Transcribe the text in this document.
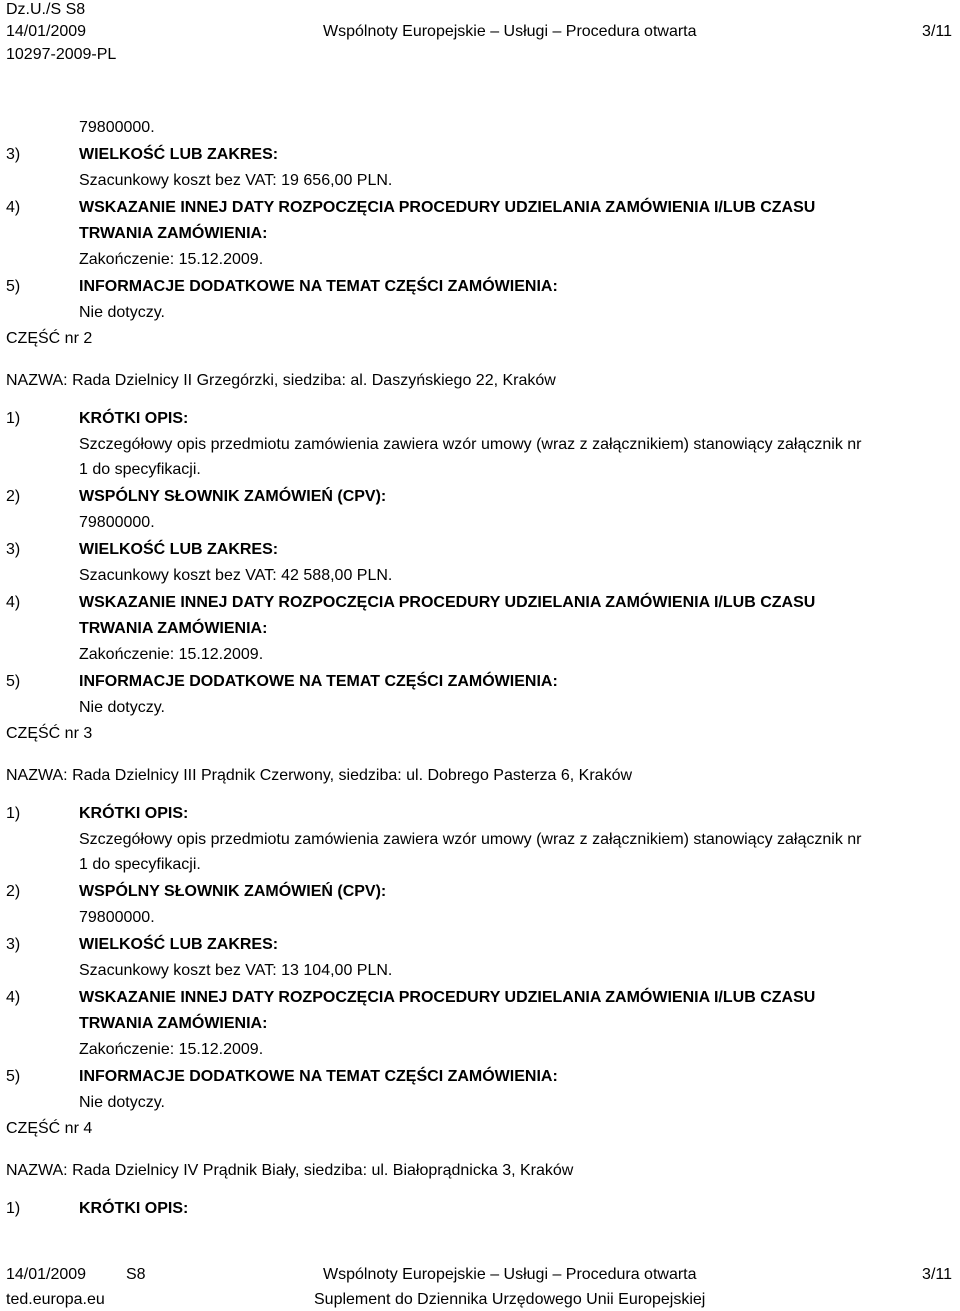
Dz.U./S S8
14/01/2009
10297-2009-PL
Wspólnoty Europejskie – Usługi – Procedura otwarta	3/11
79800000.
3)	WIELKOŚĆ LUB ZAKRES:
Szacunkowy koszt bez VAT: 19 656,00 PLN.
4)	WSKAZANIE INNEJ DATY ROZPOCZĘCIA PROCEDURY UDZIELANIA ZAMÓWIENIA I/LUB CZASU
TRWANIA ZAMÓWIENIA:
Zakończenie: 15.12.2009.
5)	INFORMACJE DODATKOWE NA TEMAT CZĘŚCI ZAMÓWIENIA:
Nie dotyczy.
CZĘŚĆ nr 2
NAZWA: Rada Dzielnicy II Grzegórzki, siedziba: al. Daszyńskiego 22, Kraków
1)	KRÓTKI OPIS:
Szczegółowy opis przedmiotu zamówienia zawiera wzór umowy (wraz z załącznikiem) stanowiący załącznik nr
1 do specyfikacji.
2)	WSPÓLNY SŁOWNIK ZAMÓWIEŃ (CPV):
79800000.
3)	WIELKOŚĆ LUB ZAKRES:
Szacunkowy koszt bez VAT: 42 588,00 PLN.
4)	WSKAZANIE INNEJ DATY ROZPOCZĘCIA PROCEDURY UDZIELANIA ZAMÓWIENIA I/LUB CZASU
TRWANIA ZAMÓWIENIA:
Zakończenie: 15.12.2009.
5)	INFORMACJE DODATKOWE NA TEMAT CZĘŚCI ZAMÓWIENIA:
Nie dotyczy.
CZĘŚĆ nr 3
NAZWA: Rada Dzielnicy III Prądnik Czerwony, siedziba: ul. Dobrego Pasterza 6, Kraków
1)	KRÓTKI OPIS:
Szczegółowy opis przedmiotu zamówienia zawiera wzór umowy (wraz z załącznikiem) stanowiący załącznik nr
1 do specyfikacji.
2)	WSPÓLNY SŁOWNIK ZAMÓWIEŃ (CPV):
79800000.
3)	WIELKOŚĆ LUB ZAKRES:
Szacunkowy koszt bez VAT: 13 104,00 PLN.
4)	WSKAZANIE INNEJ DATY ROZPOCZĘCIA PROCEDURY UDZIELANIA ZAMÓWIENIA I/LUB CZASU
TRWANIA ZAMÓWIENIA:
Zakończenie: 15.12.2009.
5)	INFORMACJE DODATKOWE NA TEMAT CZĘŚCI ZAMÓWIENIA:
Nie dotyczy.
CZĘŚĆ nr 4
NAZWA: Rada Dzielnicy IV Prądnik Biały, siedziba: ul. Białoprądnicka 3, Kraków
1)	KRÓTKI OPIS:
14/01/2009 S8
ted.europa.eu
Wspólnoty Europejskie – Usługi – Procedura otwarta
Suplement do Dziennika Urzędowego Unii Europejskiej
3/11
